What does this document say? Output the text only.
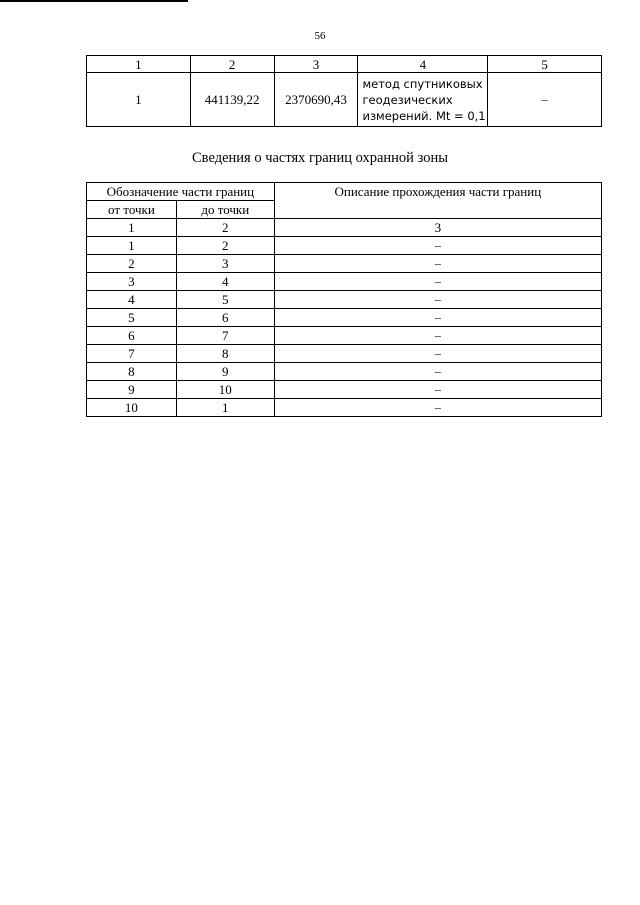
56
1	2	3	4	5
1	441139,22	2370690,43	метод спутниковых
геодезических
измерений. Mt = 0,1	–
Сведения о частях границ охранной зоны
Обозначение части границ		Описание прохождения части границ
от точки	до точки	
1	2	3
1	2	–
2	3	–
3	4	–
4	5	–
5	6	–
6	7	–
7	8	–
8	9	–
9	10	–
10	1	–
